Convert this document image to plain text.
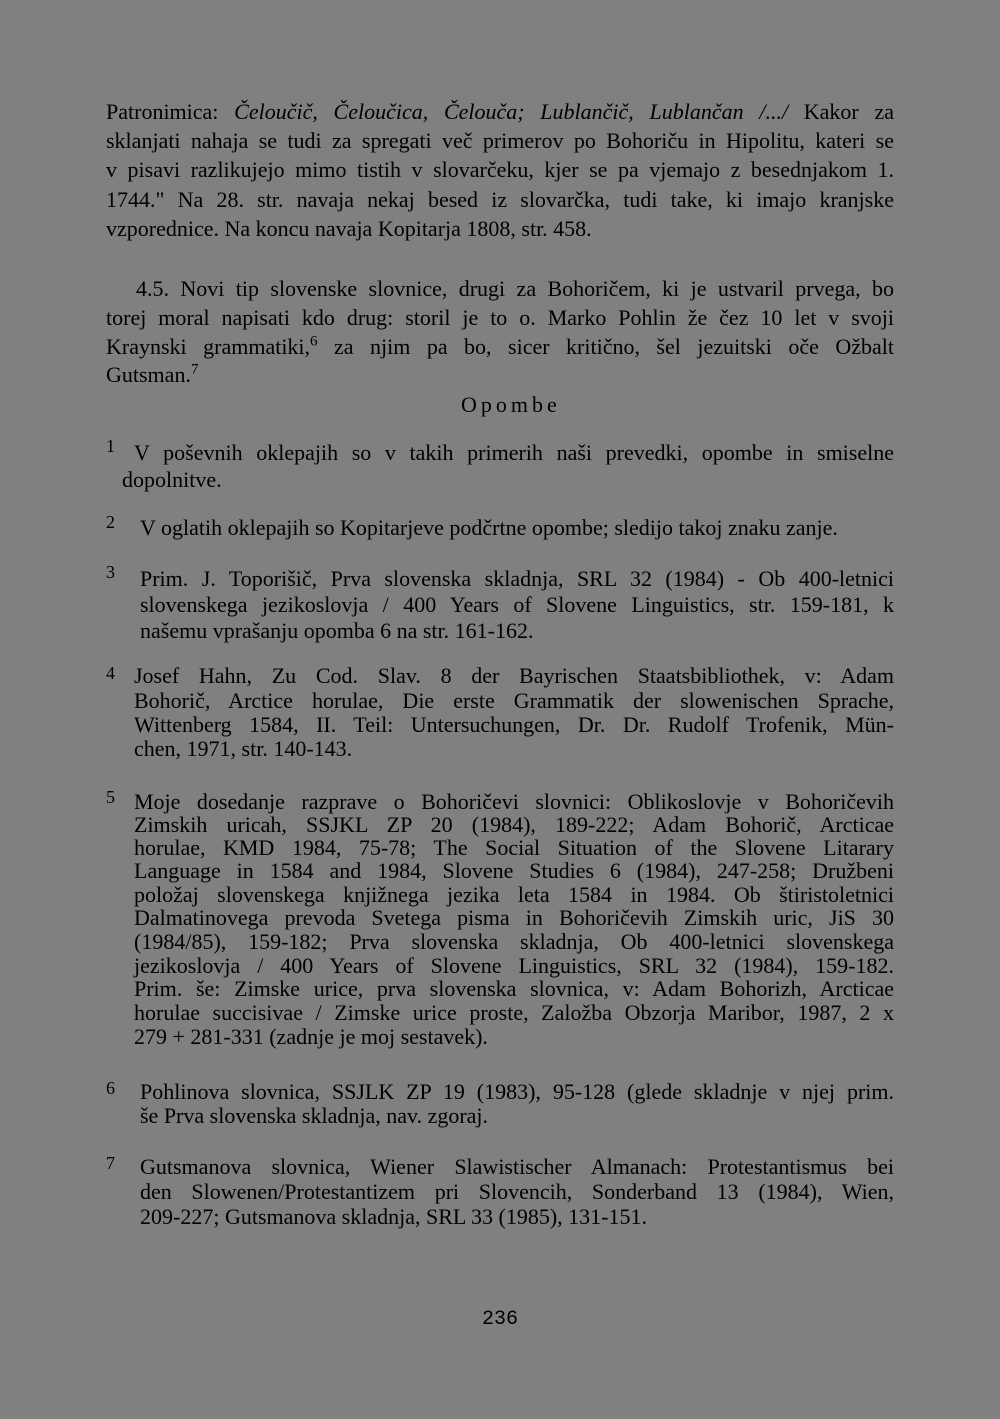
Patronimica: Čeloučič, Čeloučica, Čelouča; Lublančič, Lublančan /.../ Kakor za
sklanjati nahaja se tudi za spregati več primerov po Bohoriču in Hipolitu, kateri se
v pisavi razlikujejo mimo tistih v slovarčeku, kjer se pa vjemajo z besednjakom 1.
1744." Na 28. str. navaja nekaj besed iz slovarčka, tudi take, ki imajo kranjske
vzporednice. Na koncu navaja Kopitarja 1808, str. 458.
4.5. Novi tip slovenske slovnice, drugi za Bohoričem, ki je ustvaril prvega, bo
torej moral napisati kdo drug: storil je to o. Marko Pohlin že čez 10 let v svoji
Kraynski grammatiki,$^6$ za njim pa bo, sicer kritično, šel jezuitski oče Ožbalt
Gutsman.$^7$
Opombe
1 V poševnih oklepajih so v takih primerih naši prevedki, opombe in smiselne
dopolnitve.
2 V oglatih oklepajih so Kopitarjeve podčrtne opombe; sledijo takoj znaku zanje.
3 Prim. J. Toporišič, Prva slovenska skladnja, SRL 32 (1984) - Ob 400-letnici
slovenskega jezikoslovja / 400 Years of Slovene Linguistics, str. 159-181, k
našemu vprašanju opomba 6 na str. 161-162.
4 Josef Hahn, Zu Cod. Slav. 8 der Bayrischen Staatsbibliothek, v: Adam
Bohorič, Arctice horulae, Die erste Grammatik der slowenischen Sprache,
Wittenberg 1584, II. Teil: Untersuchungen, Dr. Dr. Rudolf Trofenik, Mün-
chen, 1971, str. 140-143.
5 Moje dosedanje razprave o Bohoričevi slovnici: Oblikoslovje v Bohoričevih
Zimskih uricah, SSJKL ZP 20 (1984), 189-222; Adam Bohorič, Arcticae
horulae, KMD 1984, 75-78; The Social Situation of the Slovene Litarary
Language in 1584 and 1984, Slovene Studies 6 (1984), 247-258; Družbeni
položaj slovenskega knjižnega jezika leta 1584 in 1984. Ob štiristoletnici
Dalmatinovega prevoda Svetega pisma in Bohoričevih Zimskih uric, JiS 30
(1984/85), 159-182; Prva slovenska skladnja, Ob 400-letnici slovenskega
jezikoslovja / 400 Years of Slovene Linguistics, SRL 32 (1984), 159-182.
Prim. še: Zimske urice, prva slovenska slovnica, v: Adam Bohorizh, Arcticae
horulae succisivae / Zimske urice proste, Založba Obzorja Maribor, 1987, 2 x
279 + 281-331 (zadnje je moj sestavek).
6 Pohlinova slovnica, SSJLK ZP 19 (1983), 95-128 (glede skladnje v njej prim.
še Prva slovenska skladnja, nav. zgoraj.
7 Gutsmanova slovnica, Wiener Slawistischer Almanach: Protestantismus bei
den Slowenen/Protestantizem pri Slovencih, Sonderband 13 (1984), Wien,
209-227; Gutsmanova skladnja, SRL 33 (1985), 131-151.
236
